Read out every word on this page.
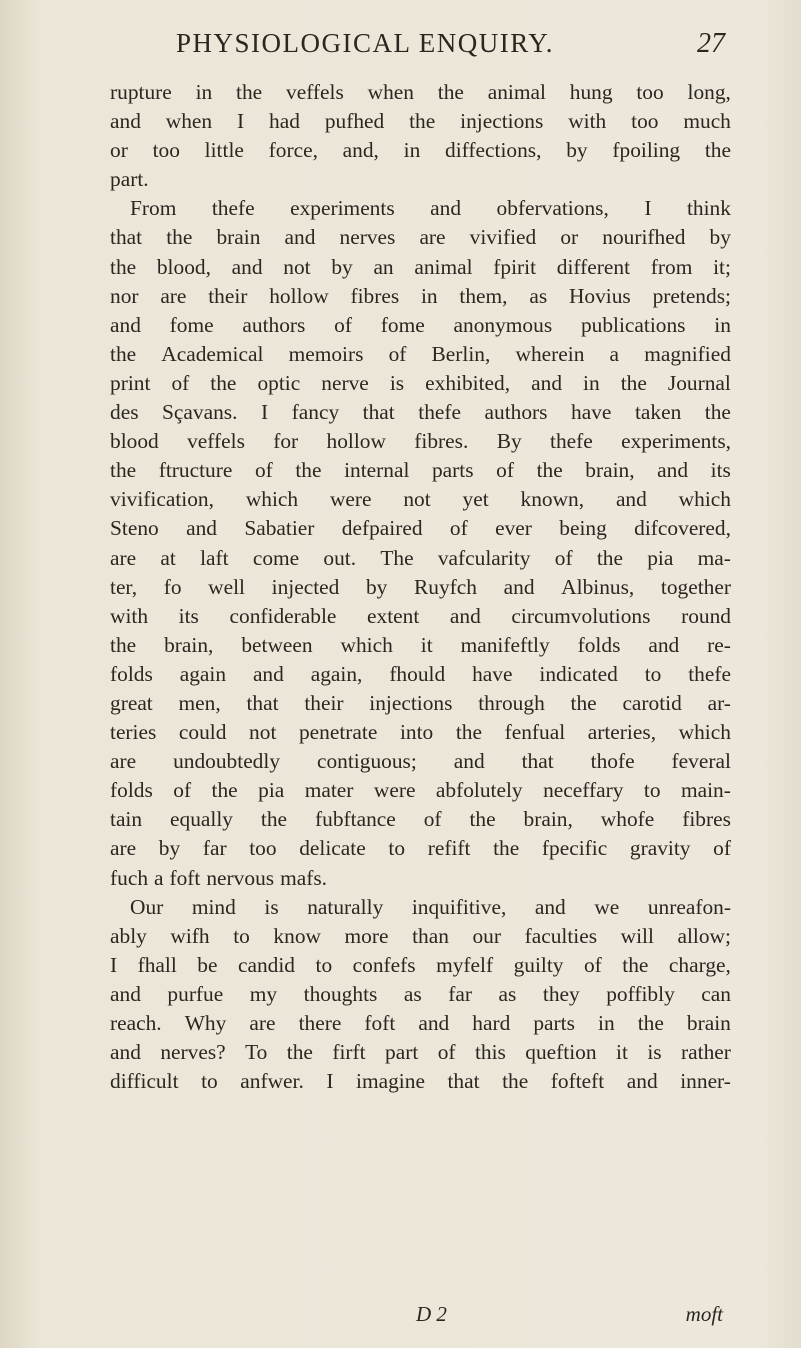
PHYSIOLOGICAL ENQUIRY.	27
rupture in the veffels when the animal hung too long,
and when I had pufhed the injections with too much
or too little force, and, in diffections, by fpoiling the
part.
From thefe experiments and obfervations, I think
that the brain and nerves are vivified or nourifhed by
the blood, and not by an animal fpirit different from it;
nor are their hollow fibres in them, as Hovius pretends;
and fome authors of fome anonymous publications in
the Academical memoirs of Berlin, wherein a magnified
print of the optic nerve is exhibited, and in the Journal
des Sçavans. I fancy that thefe authors have taken the
blood veffels for hollow fibres. By thefe experiments,
the ftructure of the internal parts of the brain, and its
vivification, which were not yet known, and which
Steno and Sabatier defpaired of ever being difcovered,
are at laft come out. The vafcularity of the pia ma-
ter, fo well injected by Ruyfch and Albinus, together
with its confiderable extent and circumvolutions round
the brain, between which it manifeftly folds and re-
folds again and again, fhould have indicated to thefe
great men, that their injections through the carotid ar-
teries could not penetrate into the fenfual arteries, which
are undoubtedly contiguous; and that thofe feveral
folds of the pia mater were abfolutely neceffary to main-
tain equally the fubftance of the brain, whofe fibres
are by far too delicate to refift the fpecific gravity of
fuch a foft nervous mafs.
Our mind is naturally inquifitive, and we unreafon-
ably wifh to know more than our faculties will allow;
I fhall be candid to confefs myfelf guilty of the charge,
and purfue my thoughts as far as they poffibly can
reach. Why are there foft and hard parts in the brain
and nerves? To the firft part of this queftion it is rather
difficult to anfwer. I imagine that the fofteft and inner-
D 2	moft
